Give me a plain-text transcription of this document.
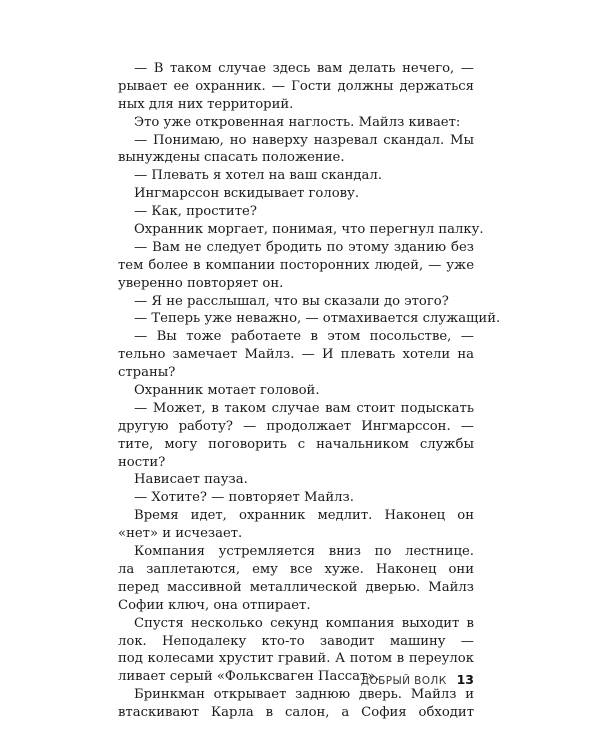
— В таком случае здесь вам делать нечего, —
рывает ее охранник. — Гости должны держаться
ных для них территорий.
Это уже откровенная наглость. Майлз кивает:
— Понимаю, но наверху назревал скандал. Мы
вынуждены спасать положение.
— Плевать я хотел на ваш скандал.
Ингмарссон вскидывает голову.
— Как, простите?
Охранник моргает, понимая, что перегнул палку.
— Вам не следует бродить по этому зданию без
тем более в компании посторонних людей, — уже
уверенно повторяет он.
— Я не расслышал, что вы сказали до этого?
— Теперь уже неважно, — отмахивается служащий.
— Вы тоже работаете в этом посольстве, —
тельно замечает Майлз. — И плевать хотели на
страны?
Охранник мотает головой.
— Может, в таком случае вам стоит подыскать
другую работу? — продолжает Ингмарссон. —
тите, могу поговорить с начальником службы
ности?
Нависает пауза.
— Хотите? — повторяет Майлз.
Время идет, охранник медлит. Наконец он
«нет» и исчезает.
Компания устремляется вниз по лестнице.
ла заплетаются, ему все хуже. Наконец они
перед массивной металлической дверью. Майлз
Софии ключ, она отпирает.
Спустя несколько секунд компания выходит в
лок. Неподалеку кто-то заводит машину —
под колесами хрустит гравий. А потом в переулок
ливает серый «Фольксваген Пассат».
Бринкман открывает заднюю дверь. Майлз и
втаскивают Карла в салон, а София обходит
ДОБРЫЙ ВОЛК 13
